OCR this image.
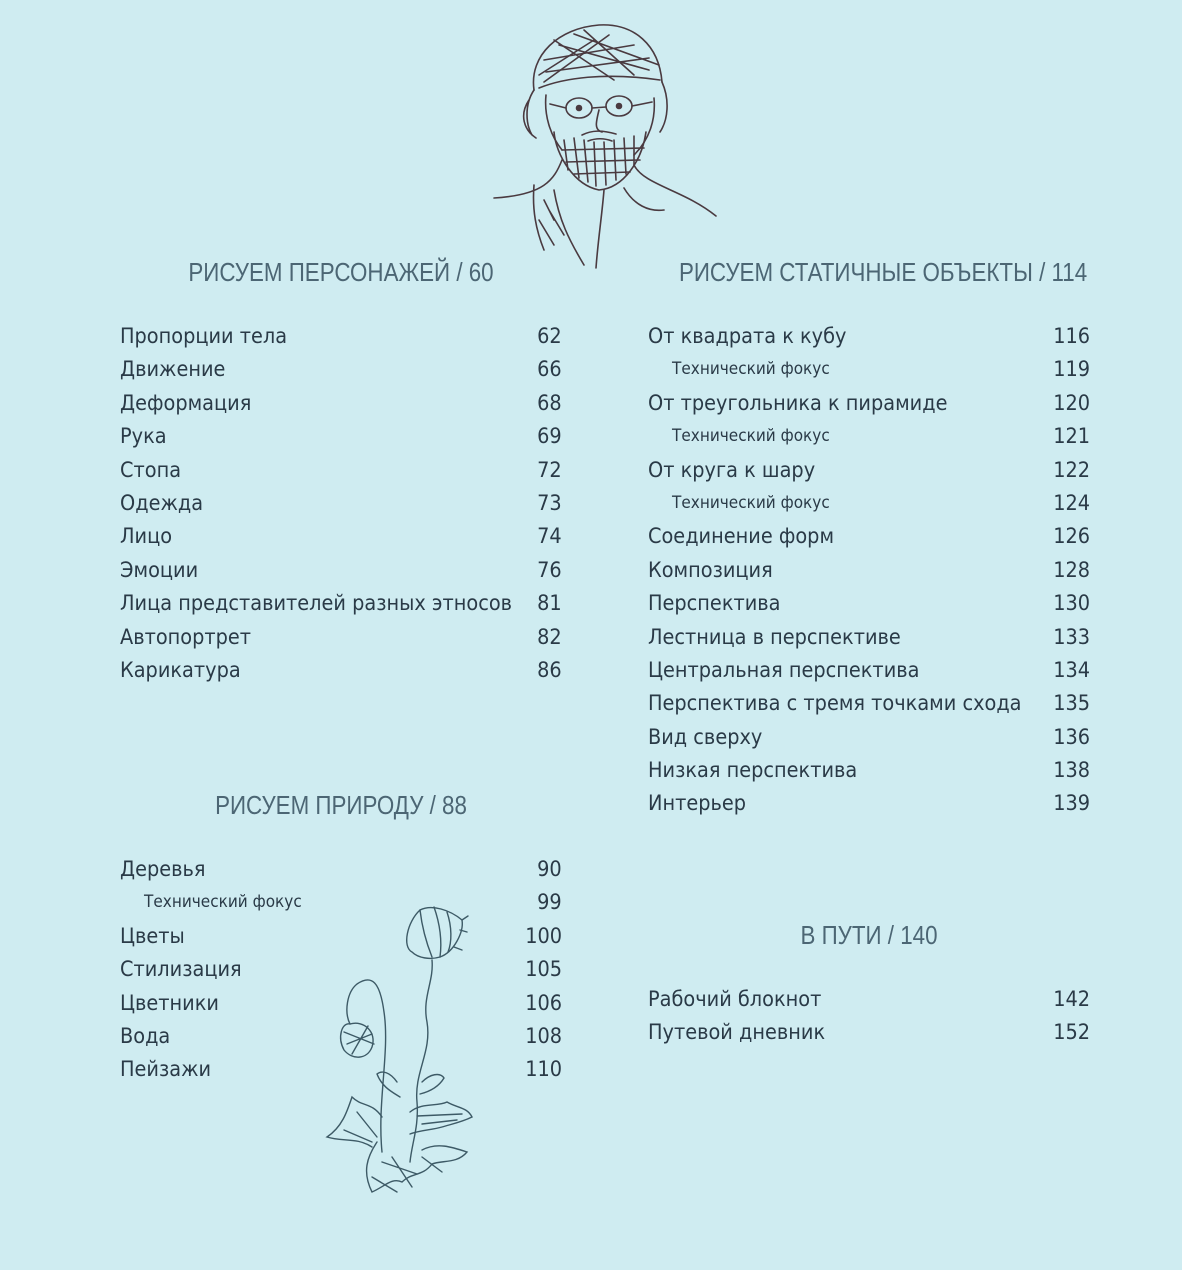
РИСУЕМ ПЕРСОНАЖЕЙ / 60
Пропорции тела	62
Движение	66
Деформация	68
Рука	69
Стопа	72
Одежда	73
Лицо	74
Эмоции	76
Лица представителей разных этносов 81
Автопортрет	82
Карикатура	86
РИСУЕМ ПРИРОДУ / 88
Деревья	90
Технический фокус	99
Цветы	100
Стилизация	105
Цветники	106
Вода	108
Пейзажи	110
РИСУЕМ СТАТИЧНЫЕ ОБЪЕКТЫ / 114
От квадрата к кубу	116
Технический фокус	119
От треугольника к пирамиде	120
Технический фокус	121
От круга к шару	122
Технический фокус	124
Соединение форм	126
Композиция	128
Перспектива	130
Лестница в перспективе	133
Центральная перспектива	134
Перспектива с тремя точками схода 135
Вид сверху	136
Низкая перспектива	138
Интерьер	139
В ПУТИ / 140
Рабочий блокнот	142
Путевой дневник	152
